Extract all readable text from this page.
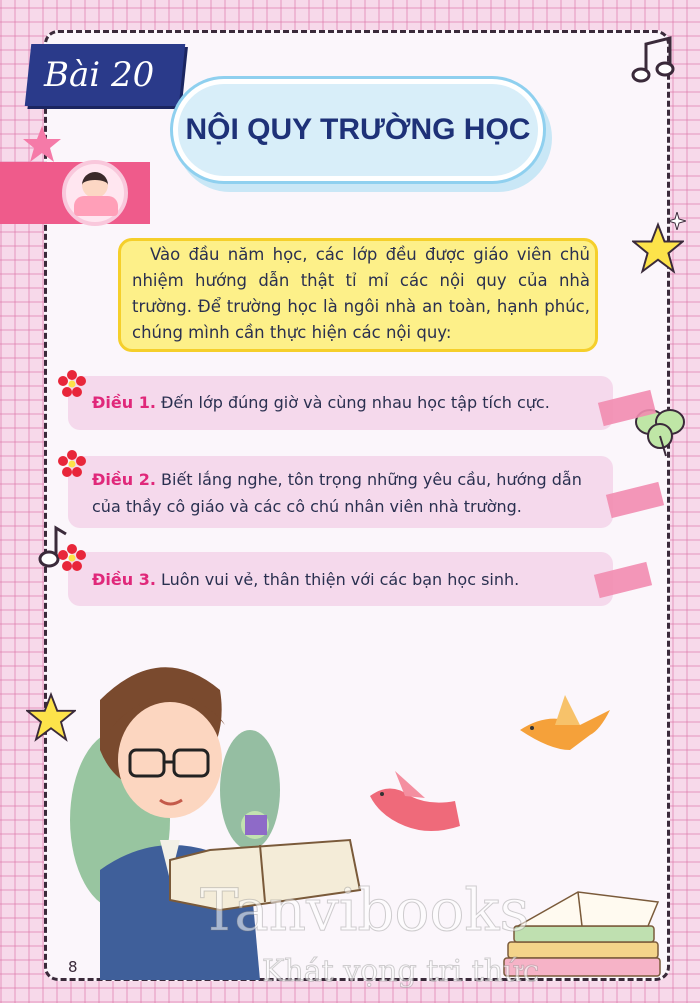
Bài 20
NỘI QUY TRƯỜNG HỌC
Vào đầu năm học, các lớp đều được giáo viên chủ nhiệm hướng dẫn thật tỉ mỉ các nội quy của nhà trường. Để trường học là ngôi nhà an toàn, hạnh phúc, chúng mình cần thực hiện các nội quy:
Điều 1. Đến lớp đúng giờ và cùng nhau học tập tích cực.
Điều 2. Biết lắng nghe, tôn trọng những yêu cầu, hướng dẫn của thầy cô giáo và các cô chú nhân viên nhà trường.
Điều 3. Luôn vui vẻ, thân thiện với các bạn học sinh.
8
Tanvibooks
Khát vọng tri thức
